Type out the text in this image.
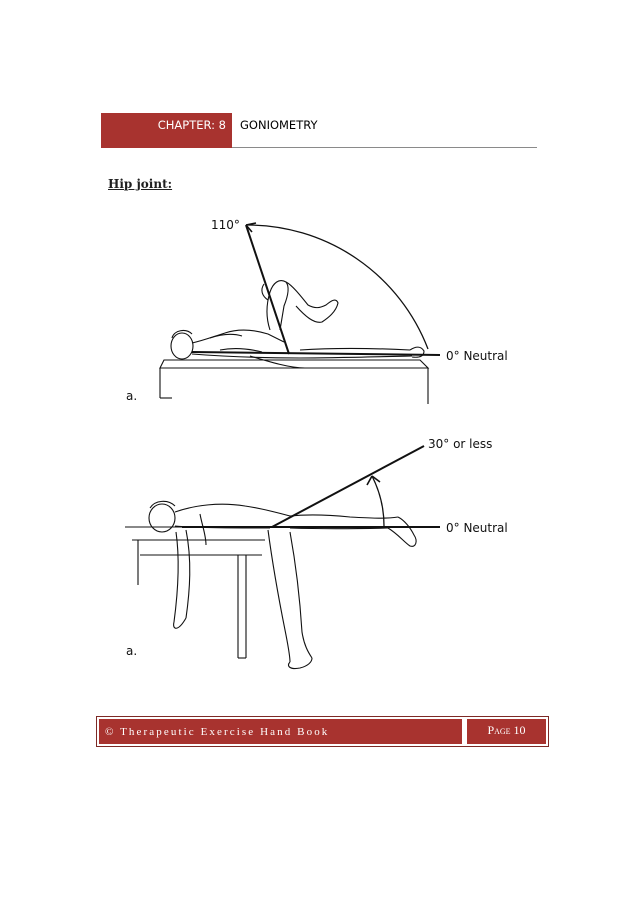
CHAPTER: 8 GONIOMETRY
Hip joint:
110°
0° Neutral
a.
30° or less
0° Neutral
a.
© Therapeutic Exercise Hand Book	Page 10
